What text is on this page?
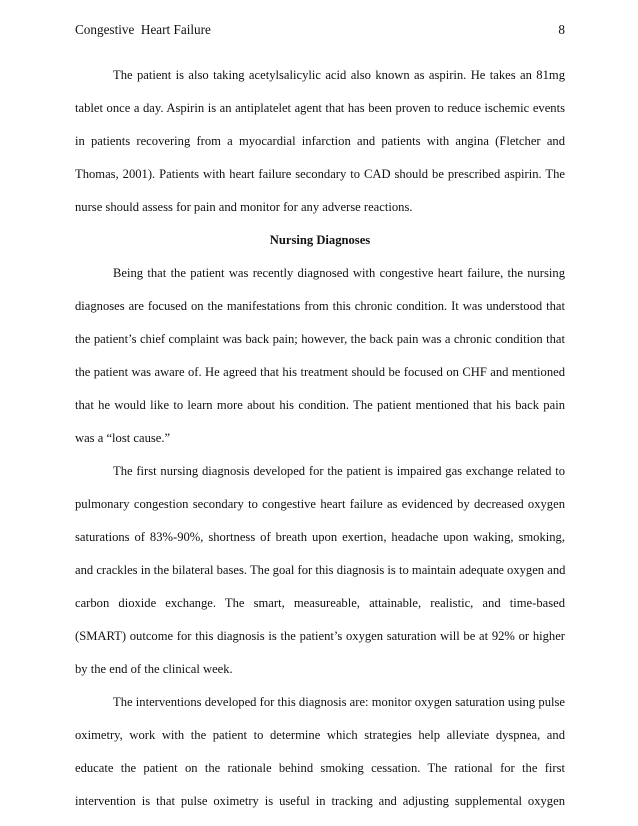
Congestive  Heart Failure	8
The patient is also taking acetylsalicylic acid also known as aspirin. He takes an 81mg
tablet once a day. Aspirin is an antiplatelet agent that has been proven to reduce ischemic events
in patients recovering from a myocardial infarction and patients with angina (Fletcher and
Thomas, 2001). Patients with heart failure secondary to CAD should be prescribed aspirin. The
nurse should assess for pain and monitor for any adverse reactions.
Nursing Diagnoses
Being that the patient was recently diagnosed with congestive heart failure, the nursing
diagnoses are focused on the manifestations from this chronic condition. It was understood that
the patient’s chief complaint was back pain; however, the back pain was a chronic condition that
the patient was aware of. He agreed that his treatment should be focused on CHF and mentioned
that he would like to learn more about his condition. The patient mentioned that his back pain
was a “lost cause.”
The first nursing diagnosis developed for the patient is impaired gas exchange related to
pulmonary congestion secondary to congestive heart failure as evidenced by decreased oxygen
saturations of 83%-90%, shortness of breath upon exertion, headache upon waking, smoking,
and crackles in the bilateral bases. The goal for this diagnosis is to maintain adequate oxygen and
carbon dioxide exchange. The smart, measureable, attainable, realistic, and time-based
(SMART) outcome for this diagnosis is the patient’s oxygen saturation will be at 92% or higher
by the end of the clinical week.
The interventions developed for this diagnosis are: monitor oxygen saturation using pulse
oximetry, work with the patient to determine which strategies help alleviate dyspnea, and
educate the patient on the rationale behind smoking cessation. The rational for the first
intervention is that pulse oximetry is useful in tracking and adjusting supplemental oxygen
